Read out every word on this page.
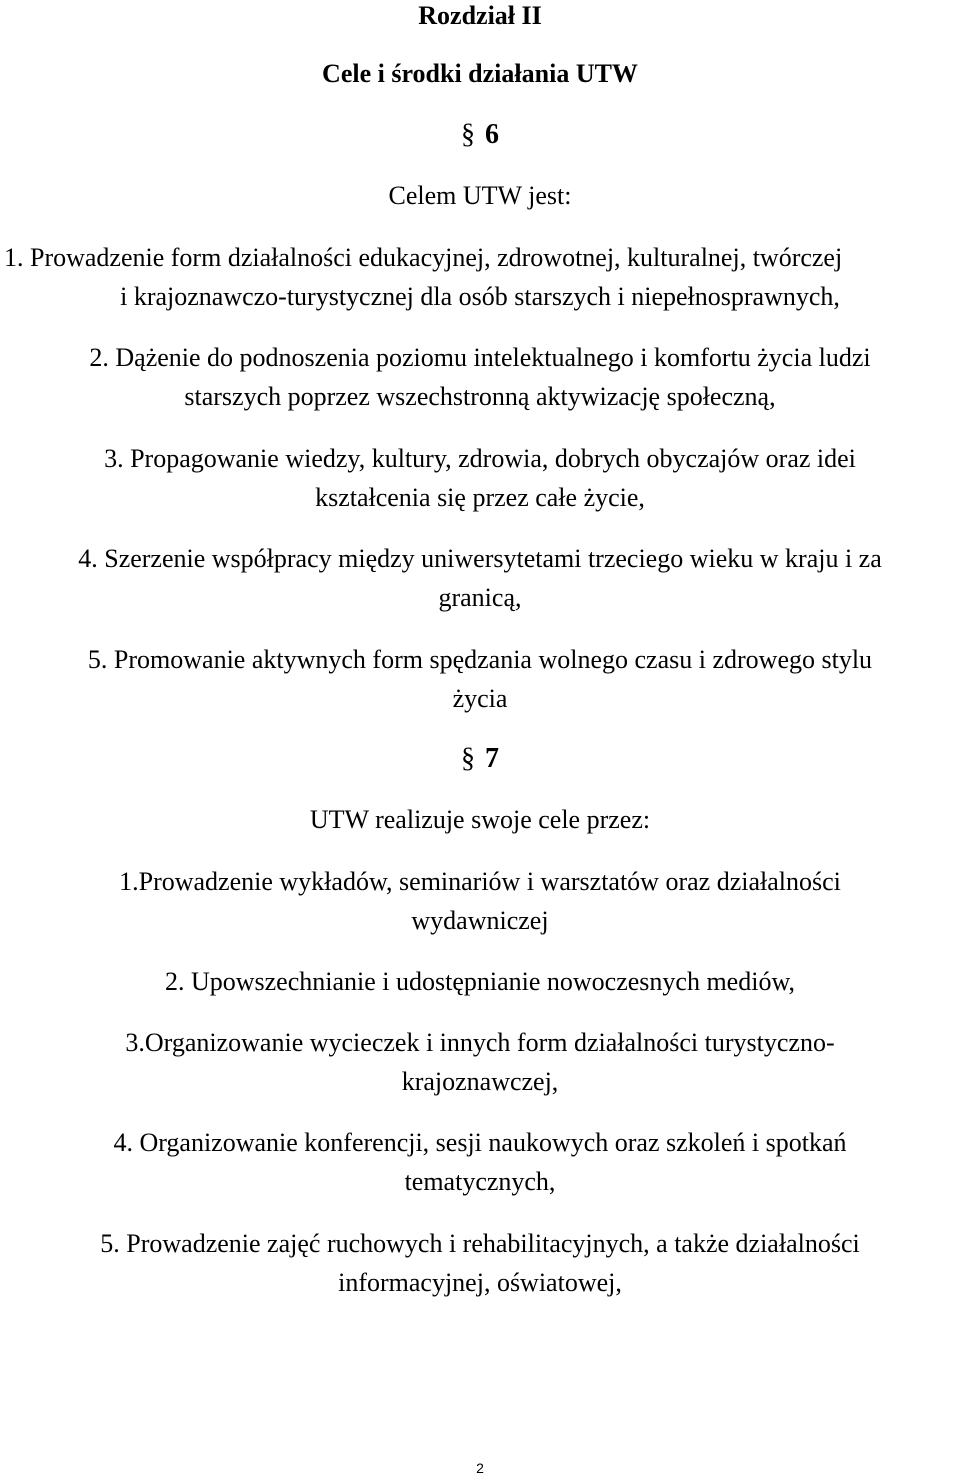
Rozdział II
Cele i środki działania UTW
§ 6
Celem UTW jest:
1. Prowadzenie form działalności edukacyjnej, zdrowotnej, kulturalnej, twórczej
i krajoznawczo-turystycznej dla osób starszych i niepełnosprawnych,
2. Dążenie do podnoszenia poziomu intelektualnego i komfortu życia ludzi
starszych poprzez wszechstronną aktywizację społeczną,
3. Propagowanie wiedzy, kultury, zdrowia, dobrych obyczajów oraz idei
kształcenia się przez całe życie,
4. Szerzenie współpracy między uniwersytetami trzeciego wieku w kraju i za
granicą,
5. Promowanie aktywnych form spędzania wolnego czasu i zdrowego stylu
życia
§ 7
UTW realizuje swoje cele przez:
1.Prowadzenie wykładów, seminariów i warsztatów oraz działalności
wydawniczej
2. Upowszechnianie i udostępnianie nowoczesnych mediów,
3.Organizowanie wycieczek i innych form działalności turystyczno-
krajoznawczej,
4. Organizowanie konferencji, sesji naukowych oraz szkoleń i spotkań
tematycznych,
5. Prowadzenie zajęć ruchowych i rehabilitacyjnych, a także działalności
informacyjnej, oświatowej,
2
